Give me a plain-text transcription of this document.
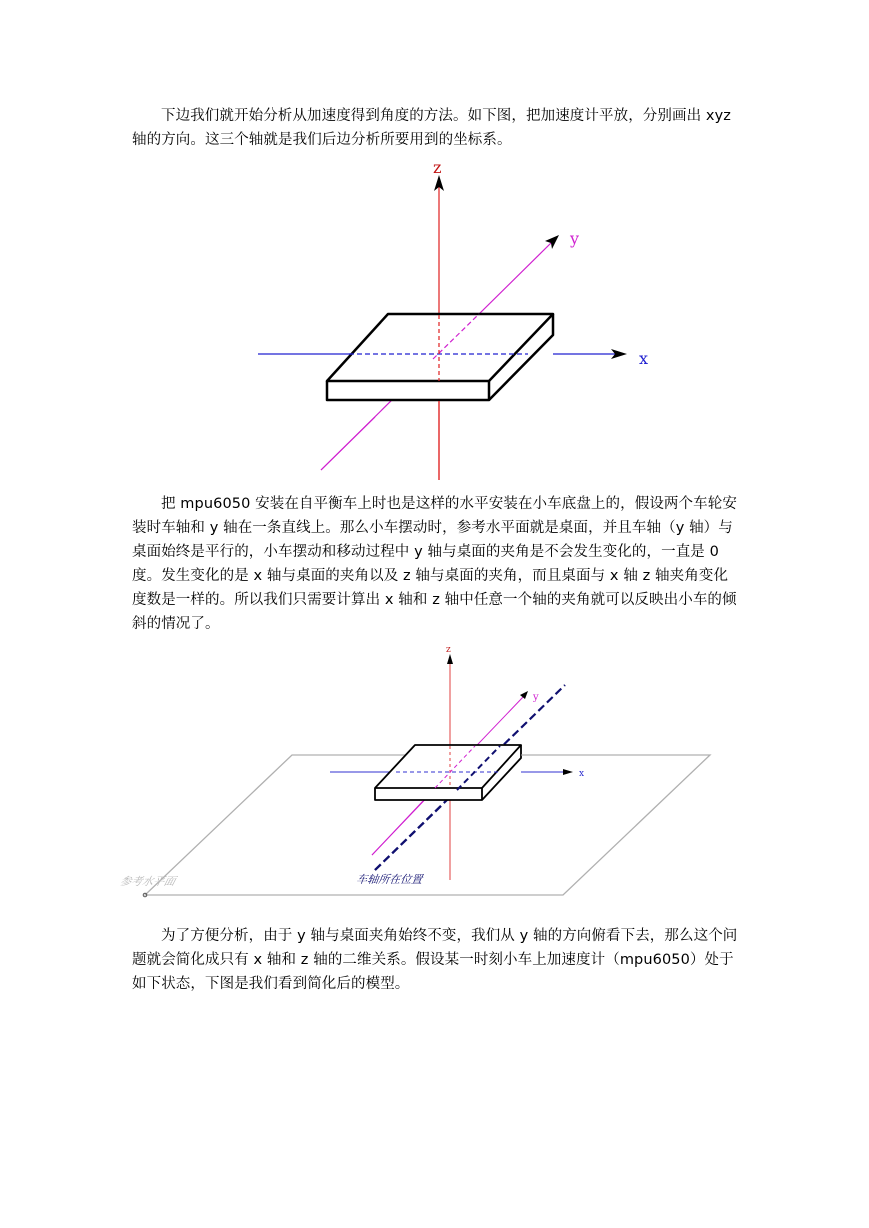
下边我们就开始分析从加速度得到角度的方法。如下图，把加速度计平放，分别画出 xyz 轴的方向。这三个轴就是我们后边分析所要用到的坐标系。

z
y
x

把 mpu6050 安装在自平衡车上时也是这样的水平安装在小车底盘上的，假设两个车轮安装时车轴和 y 轴在一条直线上。那么小车摆动时，参考水平面就是桌面，并且车轴（y 轴）与桌面始终是平行的，小车摆动和移动过程中 y 轴与桌面的夹角是不会发生变化的，一直是 0 度。发生变化的是 x 轴与桌面的夹角以及 z 轴与桌面的夹角，而且桌面与 x 轴 z 轴夹角变化度数是一样的。所以我们只需要计算出 x 轴和 z 轴中任意一个轴的夹角就可以反映出小车的倾斜的情况了。

z
y
x
参考水平面	车轴所在位置

为了方便分析，由于 y 轴与桌面夹角始终不变，我们从 y 轴的方向俯看下去，那么这个问题就会简化成只有 x 轴和 z 轴的二维关系。假设某一时刻小车上加速度计（mpu6050）处于如下状态，下图是我们看到简化后的模型。
